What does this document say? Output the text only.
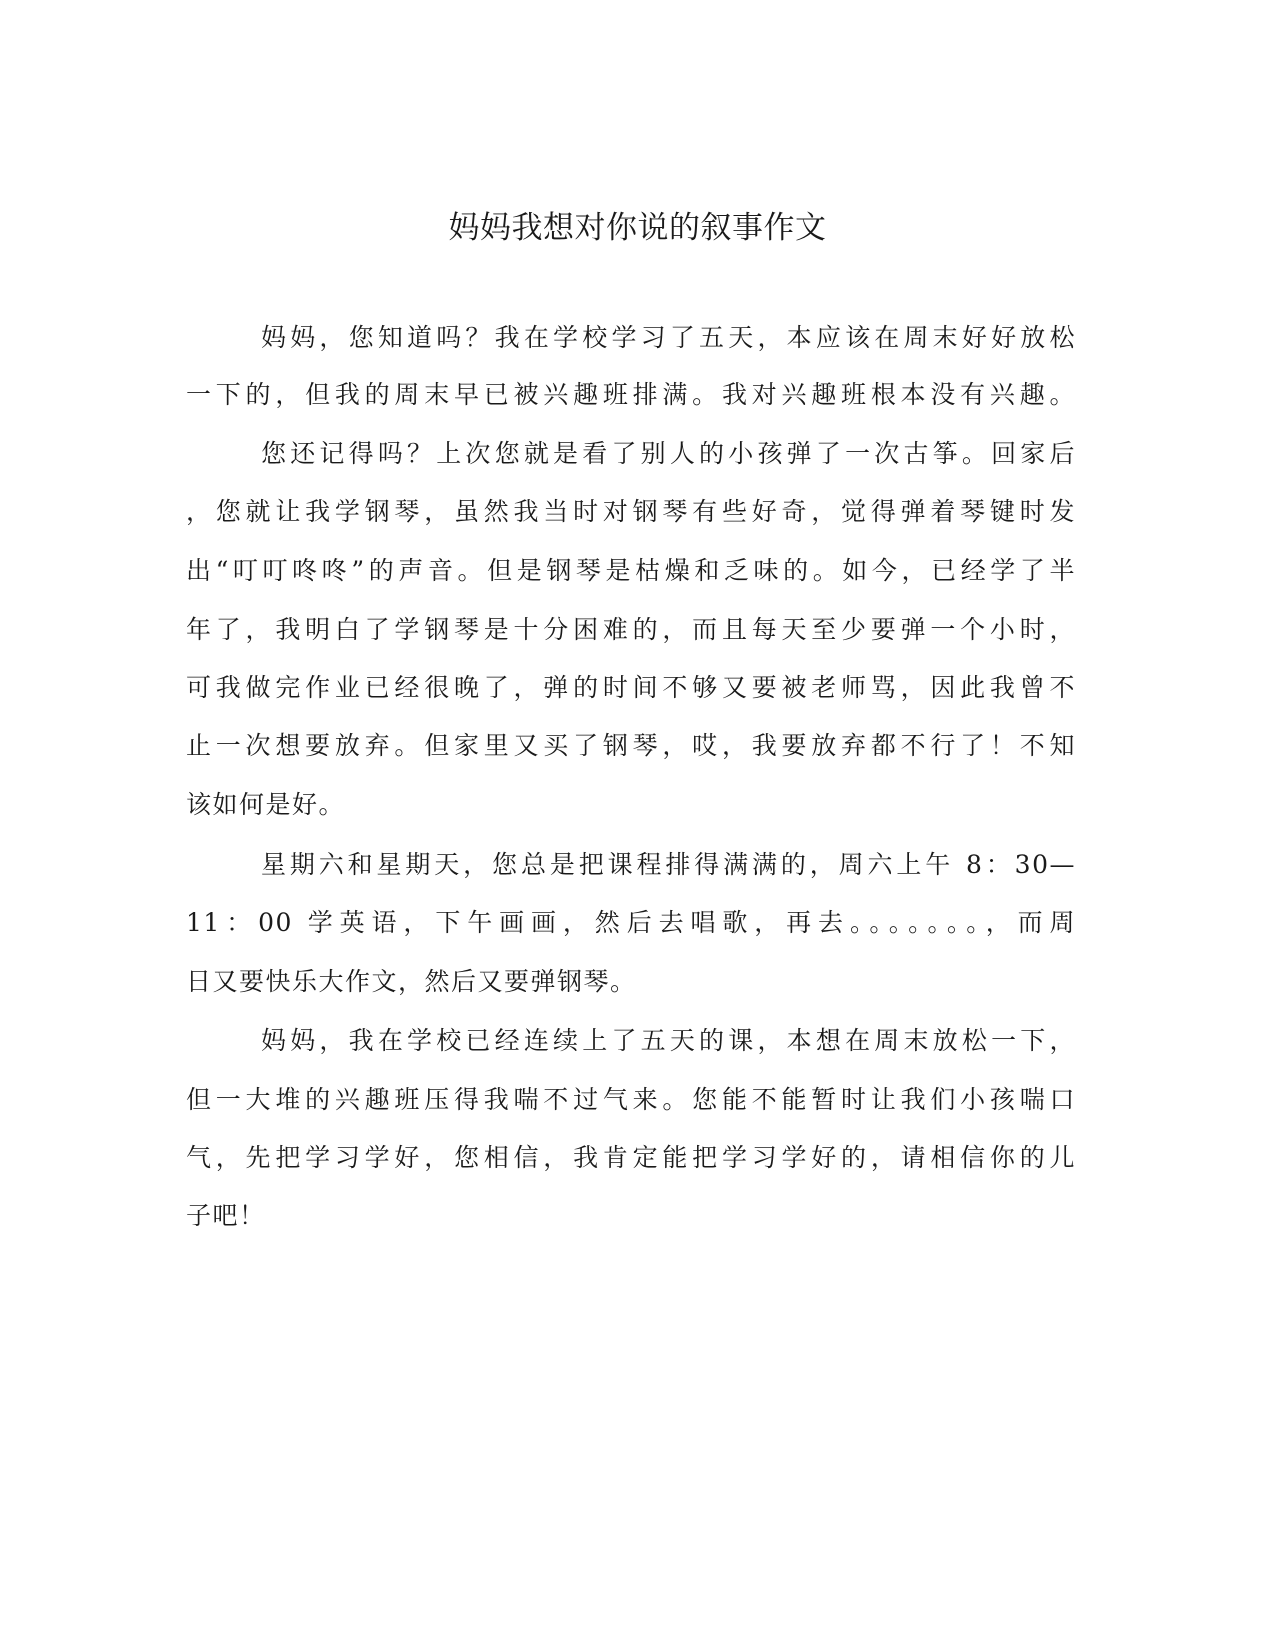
妈妈我想对你说的叙事作文

妈妈，您知道吗？我在学校学习了五天，本应该在周末好好放松

一下的，但我的周末早已被兴趣班排满。我对兴趣班根本没有兴趣。

您还记得吗？上次您就是看了别人的小孩弹了一次古筝。回家后

，您就让我学钢琴，虽然我当时对钢琴有些好奇，觉得弹着琴键时发

出“叮叮咚咚”的声音。但是钢琴是枯燥和乏味的。如今，已经学了半

年了，我明白了学钢琴是十分困难的，而且每天至少要弹一个小时，

可我做完作业已经很晚了，弹的时间不够又要被老师骂，因此我曾不

止一次想要放弃。但家里又买了钢琴，哎，我要放弃都不行了！不知

该如何是好。

星期六和星期天，您总是把课程排得满满的，周六上午 8：30—

11：00 学英语，下午画画，然后去唱歌，再去。。。。。。。，而周

日又要快乐大作文，然后又要弹钢琴。

妈妈，我在学校已经连续上了五天的课，本想在周末放松一下，

但一大堆的兴趣班压得我喘不过气来。您能不能暂时让我们小孩喘口

气，先把学习学好，您相信，我肯定能把学习学好的，请相信你的儿

子吧！
